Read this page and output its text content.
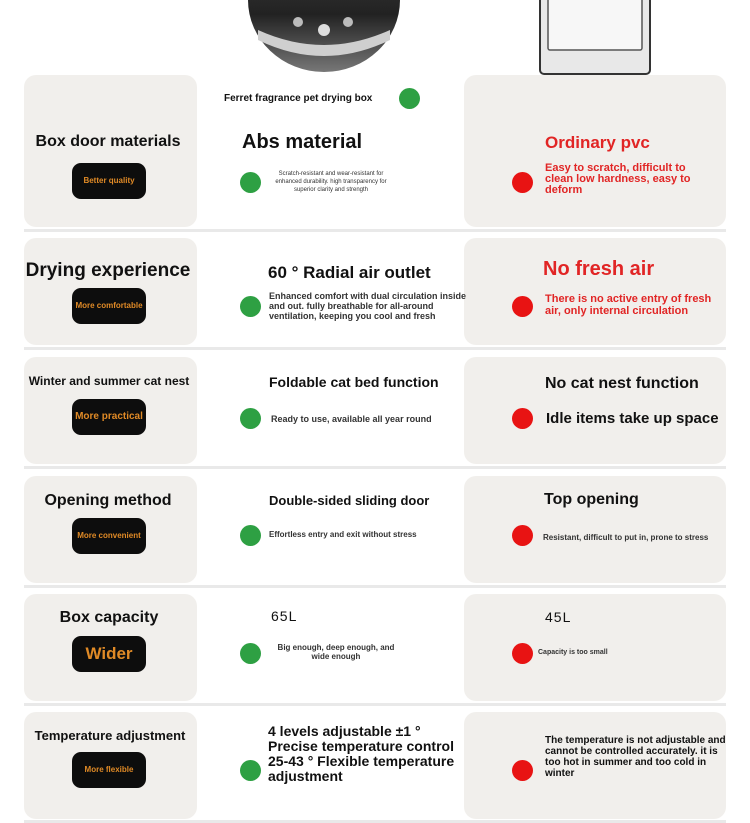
Ferret fragrance pet drying box
Box door materials
Better quality
Abs material
Scratch-resistant and wear-resistant for enhanced durability. high transparency for superior clarity and strength
Ordinary pvc
Easy to scratch, difficult to clean low hardness, easy to deform
Drying experience
More comfortable
60 ° Radial air outlet
Enhanced comfort with dual circulation inside and out. fully breathable for all-around ventilation, keeping you cool and fresh
No fresh air
There is no active entry of fresh air, only internal circulation
Winter and summer cat nest
More practical
Foldable cat bed function
Ready to use, available all year round
No cat nest function
Idle items take up space
Opening method
More convenient
Double-sided sliding door
Effortless entry and exit without stress
Top opening
Resistant, difficult to put in, prone to stress
Box capacity
Wider
65L
Big enough, deep enough, and wide enough
45L
Capacity is too small
Temperature adjustment
More flexible
4 levels adjustable ±1 ° Precise temperature control 25-43 ° Flexible temperature adjustment
The temperature is not adjustable and cannot be controlled accurately. it is too hot in summer and too cold in winter
